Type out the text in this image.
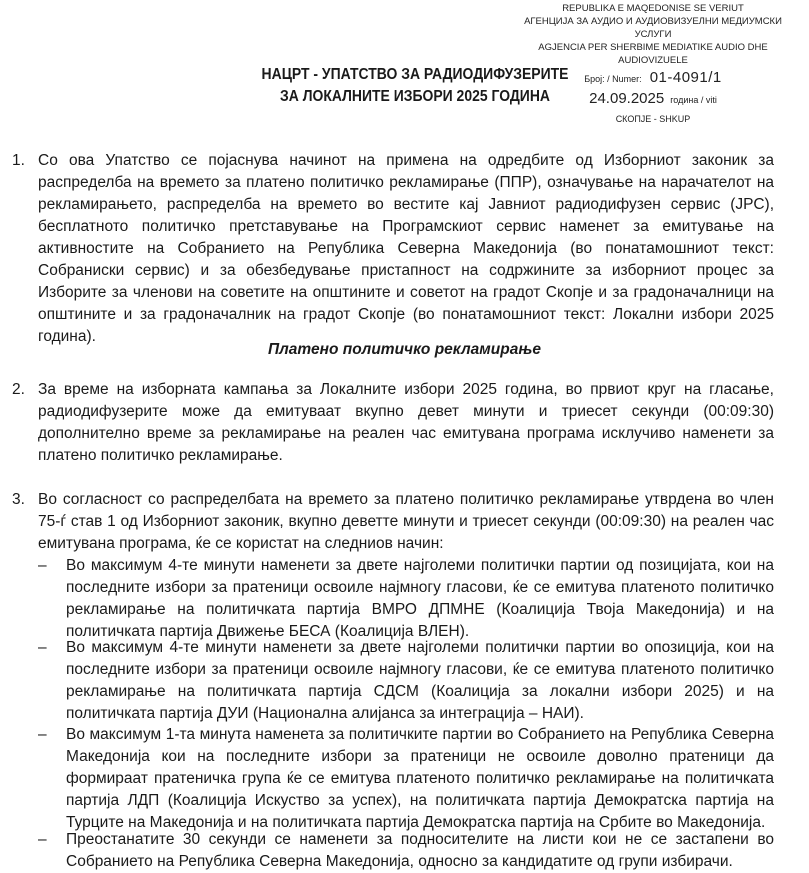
REPUBLIKA E MAQEDONISE SE VERIUT
АГЕНЦИЈА ЗА АУДИО И АУДИОВИЗУЕЛНИ МЕДИУМСКИ
УСЛУГИ
AGJENCIA PER SHERBIME MEDIATIKE AUDIO DHE
AUDIOVIZUELE
Број: / Numer: 01-4091/1
24.09.2025 година / viti
СКОПЈЕ - SHKUP
НАЦРТ - УПАТСТВО ЗА РАДИОДИФУЗЕРИТЕ
ЗА ЛОКАЛНИТЕ ИЗБОРИ 2025 ГОДИНА
1. Со ова Упатство се појаснува начинот на примена на одредбите од Изборниот законик за распределба на времето за платено политичко рекламирање (ППР), означување на нарачателот на рекламирањето, распределба на времето во вестите кај Јавниот радиодифузен сервис (ЈРС), бесплатното политичко претставување на Програмскиот сервис наменет за емитување на активностите на Собранието на Република Северна Македонија (во понатамошниот текст: Собраниски сервис) и за обезбедување пристапност на содржините за изборниот процес за Изборите за членови на советите на општините и советот на градот Скопје и за градоначалници на општините и за градоначалник на градот Скопје (во понатамошниот текст: Локални избори 2025 година).
Платено политичко рекламирање
2. За време на изборната кампања за Локалните избори 2025 година, во првиот круг на гласање, радиодифузерите може да емитуваат вкупно девет минути и триесет секунди (00:09:30) дополнително време за рекламирање на реален час емитувана програма исклучиво наменети за платено политичко рекламирање.
3. Во согласност со распределбата на времето за платено политичко рекламирање утврдена во член 75-ѓ став 1 од Изборниот законик, вкупно деветте минути и триесет секунди (00:09:30) на реален час емитувана програма, ќе се користат на следниов начин:
– Во максимум 4-те минути наменети за двете најголеми политички партии од позицијата, кои на последните избори за пратеници освоиле најмногу гласови, ќе се емитува платеното политичко рекламирање на политичката партија ВМРО ДПМНЕ (Коалиција Твоја Македонија) и на политичката партија Движење БЕСА (Коалиција ВЛЕН).
– Во максимум 4-те минути наменети за двете најголеми политички партии во опозиција, кои на последните избори за пратеници освоиле најмногу гласови, ќе се емитува платеното политичко рекламирање на политичката партија СДСМ (Коалиција за локални избори 2025) и на политичката партија ДУИ (Национална алијанса за интеграција – НАИ).
– Во максимум 1-та минута наменета за политичките партии во Собранието на Република Северна Македонија кои на последните избори за пратеници не освоиле доволно пратеници да формираат пратеничка група ќе се емитува платеното политичко рекламирање на политичката партија ЛДП (Коалиција Искуство за успех), на политичката партија Демократска партија на Турците на Македонија и на политичката партија Демократска партија на Србите во Македонија.
– Преостанатите 30 секунди се наменети за подносителите на листи кои не се застапени во Собранието на Република Северна Македонија, односно за кандидатите од групи избирачи.
